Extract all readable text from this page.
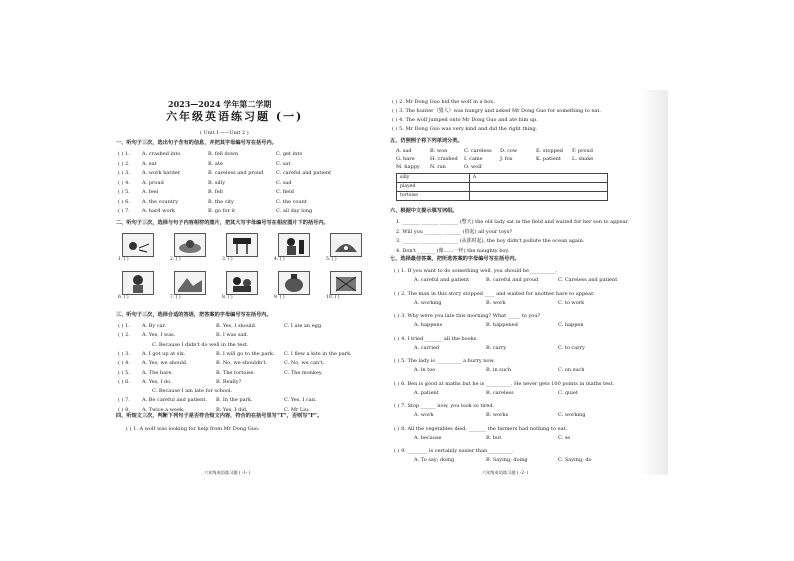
2023—2024 学年第二学期
六年级英语练习题 (一)
( Unit 1——Unit 2 )
一、听句子三次，选出句子含有的信息，并把其字母编号写在括号内。
( ) 1. A. crashed into	B. fell down	C. get into
( ) 2. A. eat	B. ate	C. sat
( ) 3. A. work harder	B. careless and proud	C. careful and patient
( ) 4. A. proud	B. silly	C. sad
( ) 5. A. feel	B. fell	C. field
( ) 6. A. the country	B. the city	C. the count
( ) 7. A. hard work	B. go for it	C. all day long
二、听句子三次，选择与句子内容相符的图片，把其大写字母编号写在相应图片下的括号内。
1. ( )	2. ( )	3. ( )	4. ( )	5. ( )
6. ( )	7. ( )	8. ( )	9. ( )	10. ( )
三、听句子三次，选择合适的答语，把答案的字母编号写在括号内。
( ) 1. A. By car.	B. Yes, I should.	C. I ate an egg.
( ) 2. A. Yes, I was.	B. I was sad.
C. Because I didn't do well in the test.
( ) 3. A. I got up at six.	B. I will go to the park. C. I flew a kite in the park.
( ) 4. A. Yes, we should.	B. No, we shouldn't.	C. No, we can't.
( ) 5. A. The hare.	B. The tortoise.	C. The monkey.
( ) 6. A. Yes, I do.	B. Really?
C. Because I am late for school.
( ) 7. A. Be careful and patient. B. In the park.	C. Yes, I can.
( ) 8. A. Twice a week.	B. Yes, I did.	C. Mr Liu.
四、听短文三次，判断下列句子是否符合短文内容，符合的在括号里写“T”，否则写“F”。
( ) 1. A wolf was looking for help from Mr Dong Guo.
六年级英语练习题 ( -1- )
( ) 2. Mr Dong Guo hid the wolf in a box.
( ) 3. The hunter（猎人）was hungry and asked Mr Dong Guo for something to eat.
( ) 4. The wolf jumped onto Mr Dong Guo and ate him up.
( ) 5. Mr Dong Guo was very kind and did the right thing.
五、仿照例子将下列单词分类。
A. sad	B. won	C. careless D. cow	E. stopped F. proud
G. hare	H. crashed I. came	J. fox	K. patient L. snake
M. happy N. ran	O. wolf
silly	A
played	
tortoise	
六、根据中文提示填写词组。
1. _______ _______ _______ (整天) the old lady sat in the field and waited for her son to appear.
2. Will you _______ _______ (拾起) all your toys?
3. _______ _______ _______ (从那时起), the boy didn't pollute the ocean again.
4. Don't _______ (像……一样) the naughty boy.
七、选择最佳答案，把所选答案的字母编号写在括号内。
( ) 1. If you want to do something well, you should be __________.
A. careful and patient	B. careful and proud	C. Careless and patient
( ) 2. The man in this story stopped ____ and waited for another hare to appear.
A. working	B. work	C. to work
( ) 3. Why were you late this morning? What _____ to you?
A. happens	B. happened	C. happen
( ) 4. I tried _______ all the books.
A. carried	B. carry	C. to carry
( ) 5. The lady is __________ a hurry now.
A. in too	B. in such	C. on such
( ) 6. Ben is good at maths but he is __________. He never gets 100 points in maths test.
A. patient	B. careless	C. quiet
( ) 7. Stop ______ now, you look so tired.
A. work	B. works	C. working
( ) 8. All the vegetables died, _______ the farmers had nothing to eat.
A. because	B. but	C. so
( ) 9. ________ is certainly easier than__________.
A. To say; doing	B. Saying; doing	C. Saying; do
六年级英语练习题 ( -2- )
